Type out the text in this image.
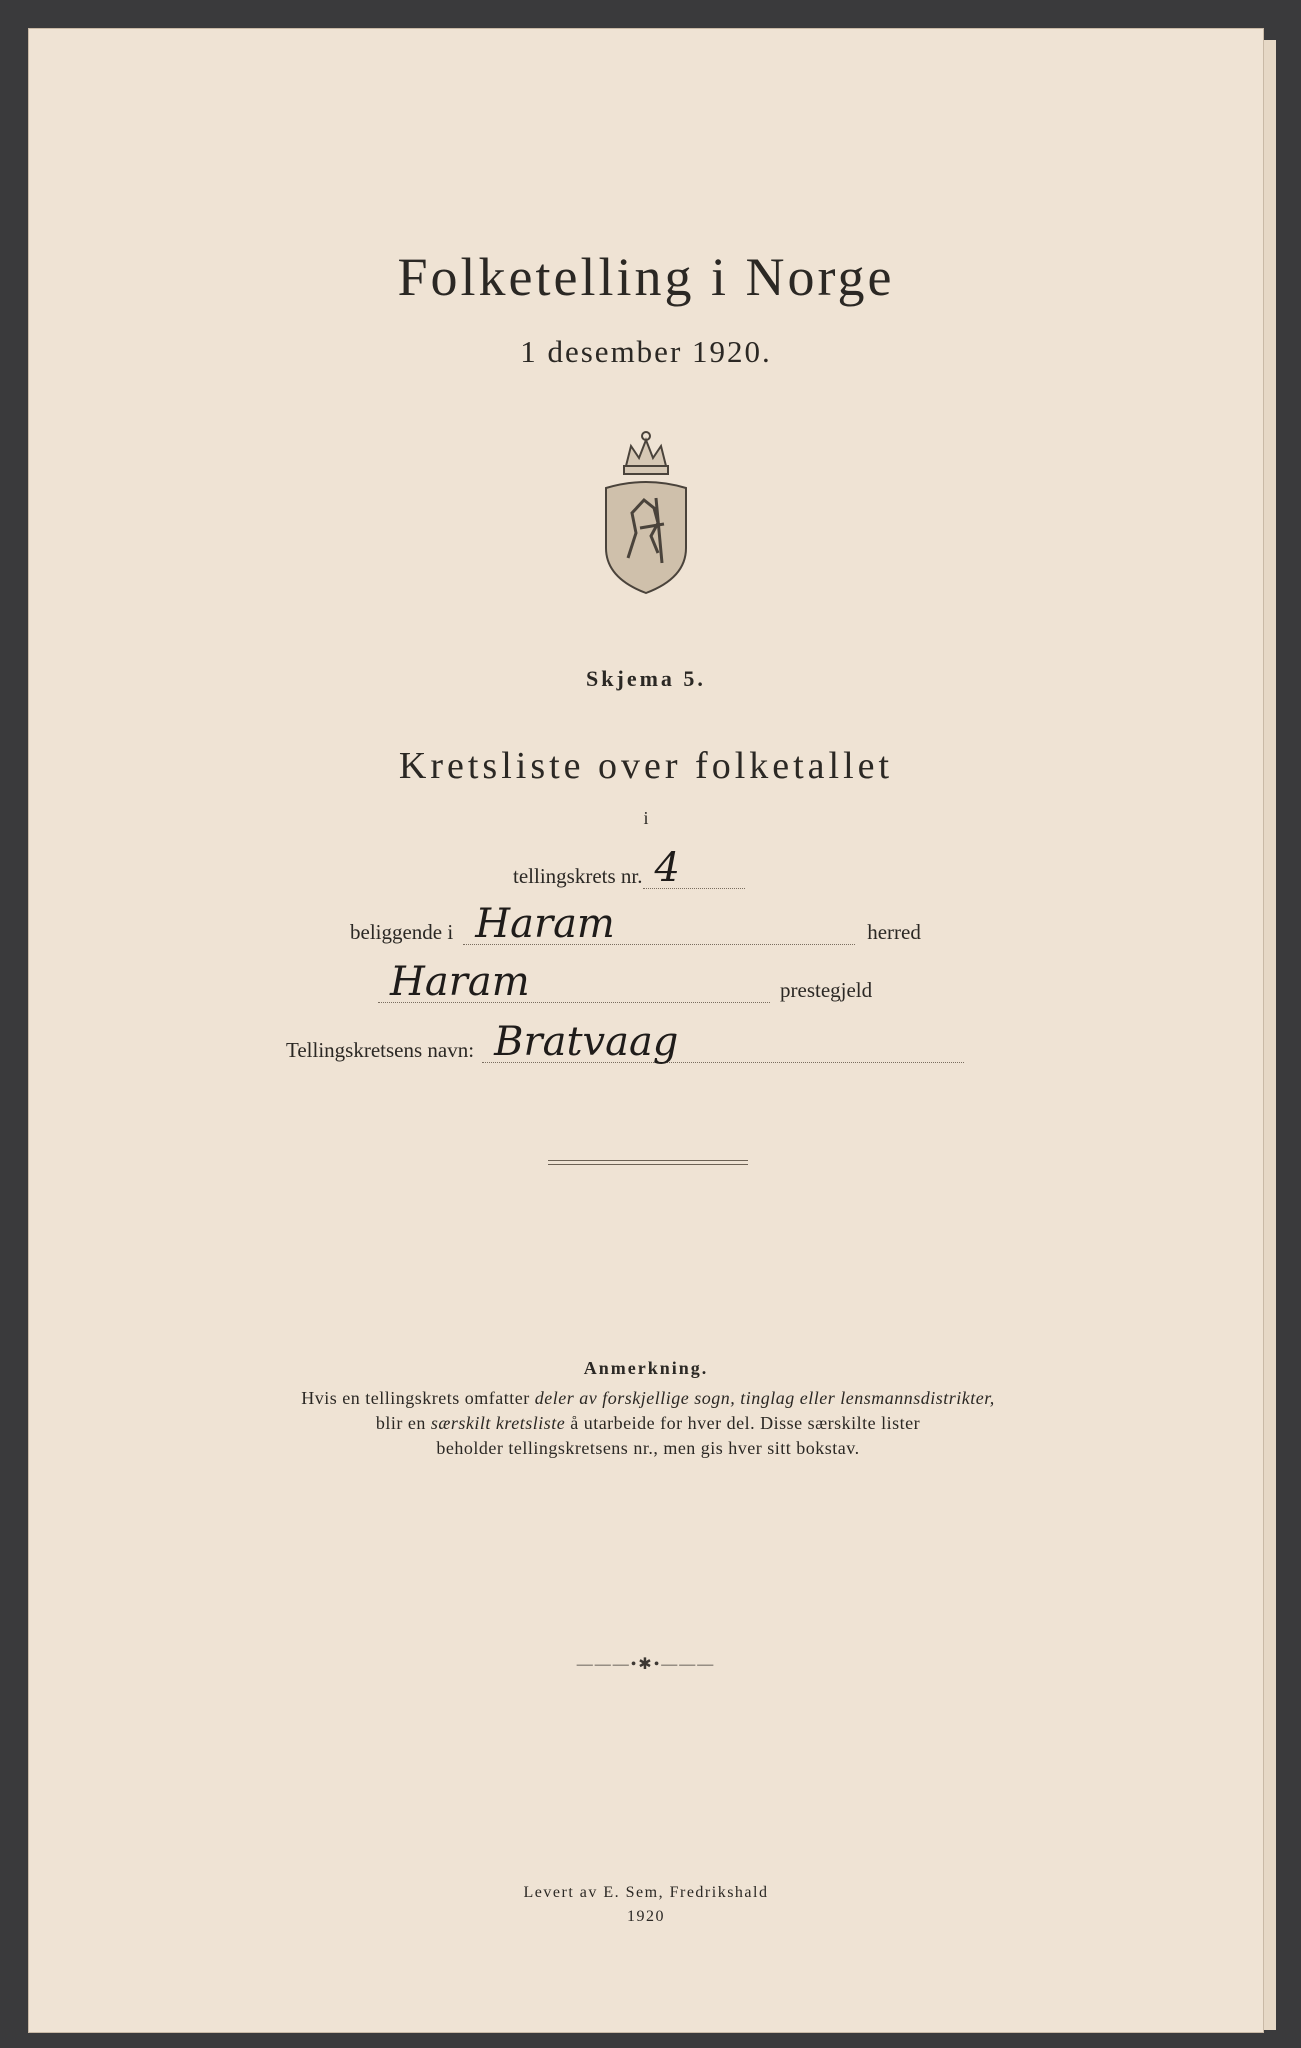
Folketelling i Norge
1 desember 1920.
Skjema 5.
Kretsliste over folketallet
i
tellingskrets nr. 4
beliggende i Haram	herred
Haram	prestegjeld
Tellingskretsens navn: Bratvaag
Anmerkning.
Hvis en tellingskrets omfatter deler av forskjellige sogn, tinglag eller lensmannsdistrikter,
blir en særskilt kretsliste å utarbeide for hver del. Disse særskilte lister
beholder tellingskretsens nr., men gis hver sitt bokstav.
———•✱•———
Levert av E. Sem, Fredrikshald
1920
